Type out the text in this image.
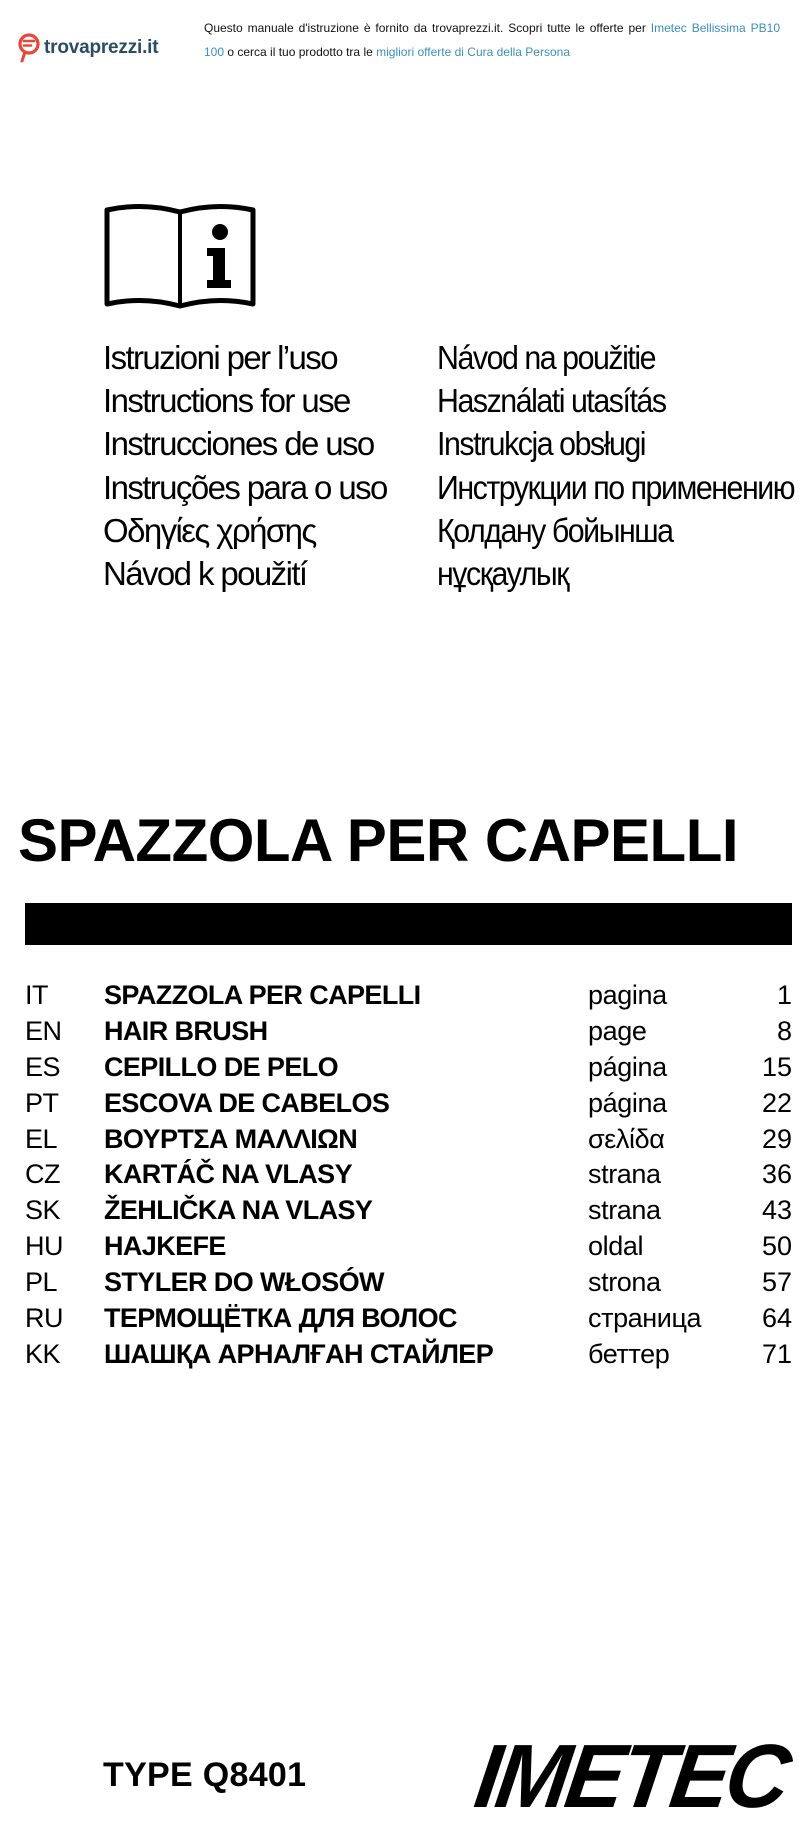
trovaprezzi.it
Questo manuale d'istruzione è fornito da trovaprezzi.it. Scopri tutte le offerte per Imetec Bellissima PB10 100 o cerca il tuo prodotto tra le migliori offerte di Cura della Persona
Istruzioni per l’uso
Instructions for use
Instrucciones de uso
Instruções para o uso
Οδηγίες χρήσης
Návod k použití
Návod na použitie
Használati utasítás
Instrukcja obsługi
Инструкции по применению
Қолдану бойынша
нұсқаулық
SPAZZOLA PER CAPELLI
IT SPAZZOLA PER CAPELLI	pagina	1
EN HAIR BRUSH	page	8
ES CEPILLO DE PELO	página	15
PT ESCOVA DE CABELOS	página	22
EL ΒΟΥΡΤΣΑ ΜΑΛΛΙΩΝ	σελίδα	29
CZ KARTÁČ NA VLASY	strana	36
SK ŽEHLIČKA NA VLASY	strana	43
HU HAJKEFE	oldal	50
PL STYLER DO WŁOSÓW	strona	57
RU ТЕРМОЩЁТКА ДЛЯ ВОЛОС	страница 64
KK ШАШҚА АРНАЛҒАН СТАЙЛЕР	беттер	71
TYPE Q8401 IMETEC
